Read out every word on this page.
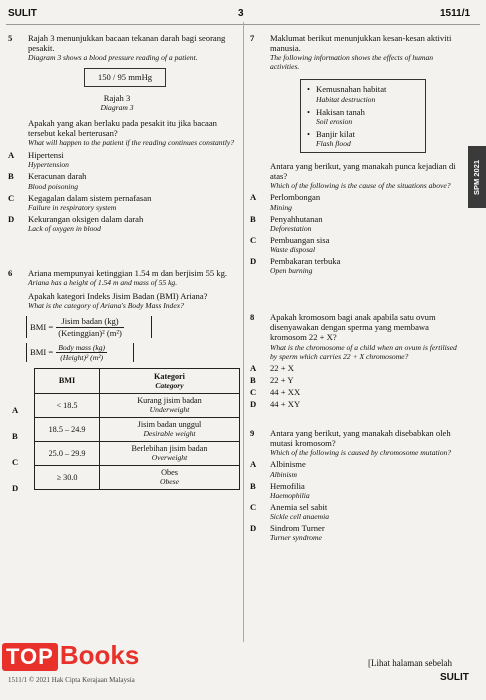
SULIT	3	1511/1
SPM 2021
5 Rajah 3 menunjukkan bacaan tekanan darah bagi seorang pesakit.
Diagram 3 shows a blood pressure reading of a patient.
150 / 95 mmHg
Rajah 3
Diagram 3
Apakah yang akan berlaku pada pesakit itu jika bacaan tersebut kekal berterusan?
What will happen to the patient if the reading continues constantly?
A Hipertensi
Hypertension
B Keracunan darah
Blood poisoning
C Kegagalan dalam sistem pernafasan
Failure in respiratory system
D Kekurangan oksigen dalam darah
Lack of oxygen in blood
6 Ariana mempunyai ketinggian 1.54 m dan berjisim 55 kg.
Ariana has a height of 1.54 m and mass of 55 kg.
Apakah kategori Indeks Jisim Badan (BMI) Ariana?
What is the category of Ariana's Body Mass Index?
BMI =
Jisim badan (kg)
(Ketinggian)² (m²)
BMI = Body mass (kg)
(Height)² (m²)
BMI	Kategori
Category

< 18.5	Kurang jisim badan
Underweight

18.5 – 24.9	Jisim badan unggul
Desirable weight

25.0 – 29.9	Berlebihan jisim badan
Overweight

≥ 30.0	Obes
Obese
A
B
C
D
7 Maklumat berikut menunjukkan kesan-kesan aktiviti manusia.
The following information shows the effects of human activities.
• Kemusnahan habitat
Habitat destruction
• Hakisan tanah
Soil erosion
• Banjir kilat
Flash flood
Antara yang berikut, yang manakah punca kejadian di atas?
Which of the following is the cause of the situations above?
A Perlombongan
Mining
B Penyahhutanan
Deforestation
C Pembuangan sisa
Waste disposal
D Pembakaran terbuka
Open burning
8 Apakah kromosom bagi anak apabila satu ovum disenyawakan dengan sperma yang membawa kromosom 22 + X?
What is the chromosome of a child when an ovum is fertilised by sperm which carries 22 + X chromosome?
A 22 + X
B 22 + Y
C 44 + XX
D 44 + XY
9 Antara yang berikut, yang manakah disebabkan oleh mutasi kromosom?
Which of the following is caused by chromosome mutation?
A Albinisme
Albinism
B Hemofilia
Haemophilia
C Anemia sel sabit
Sickle cell anaemia
D Sindrom Turner
Turner syndrome
1511/1 © 2021 Hak Cipta Kerajaan Malaysia
[Lihat halaman sebelah
SULIT
TOP Books
